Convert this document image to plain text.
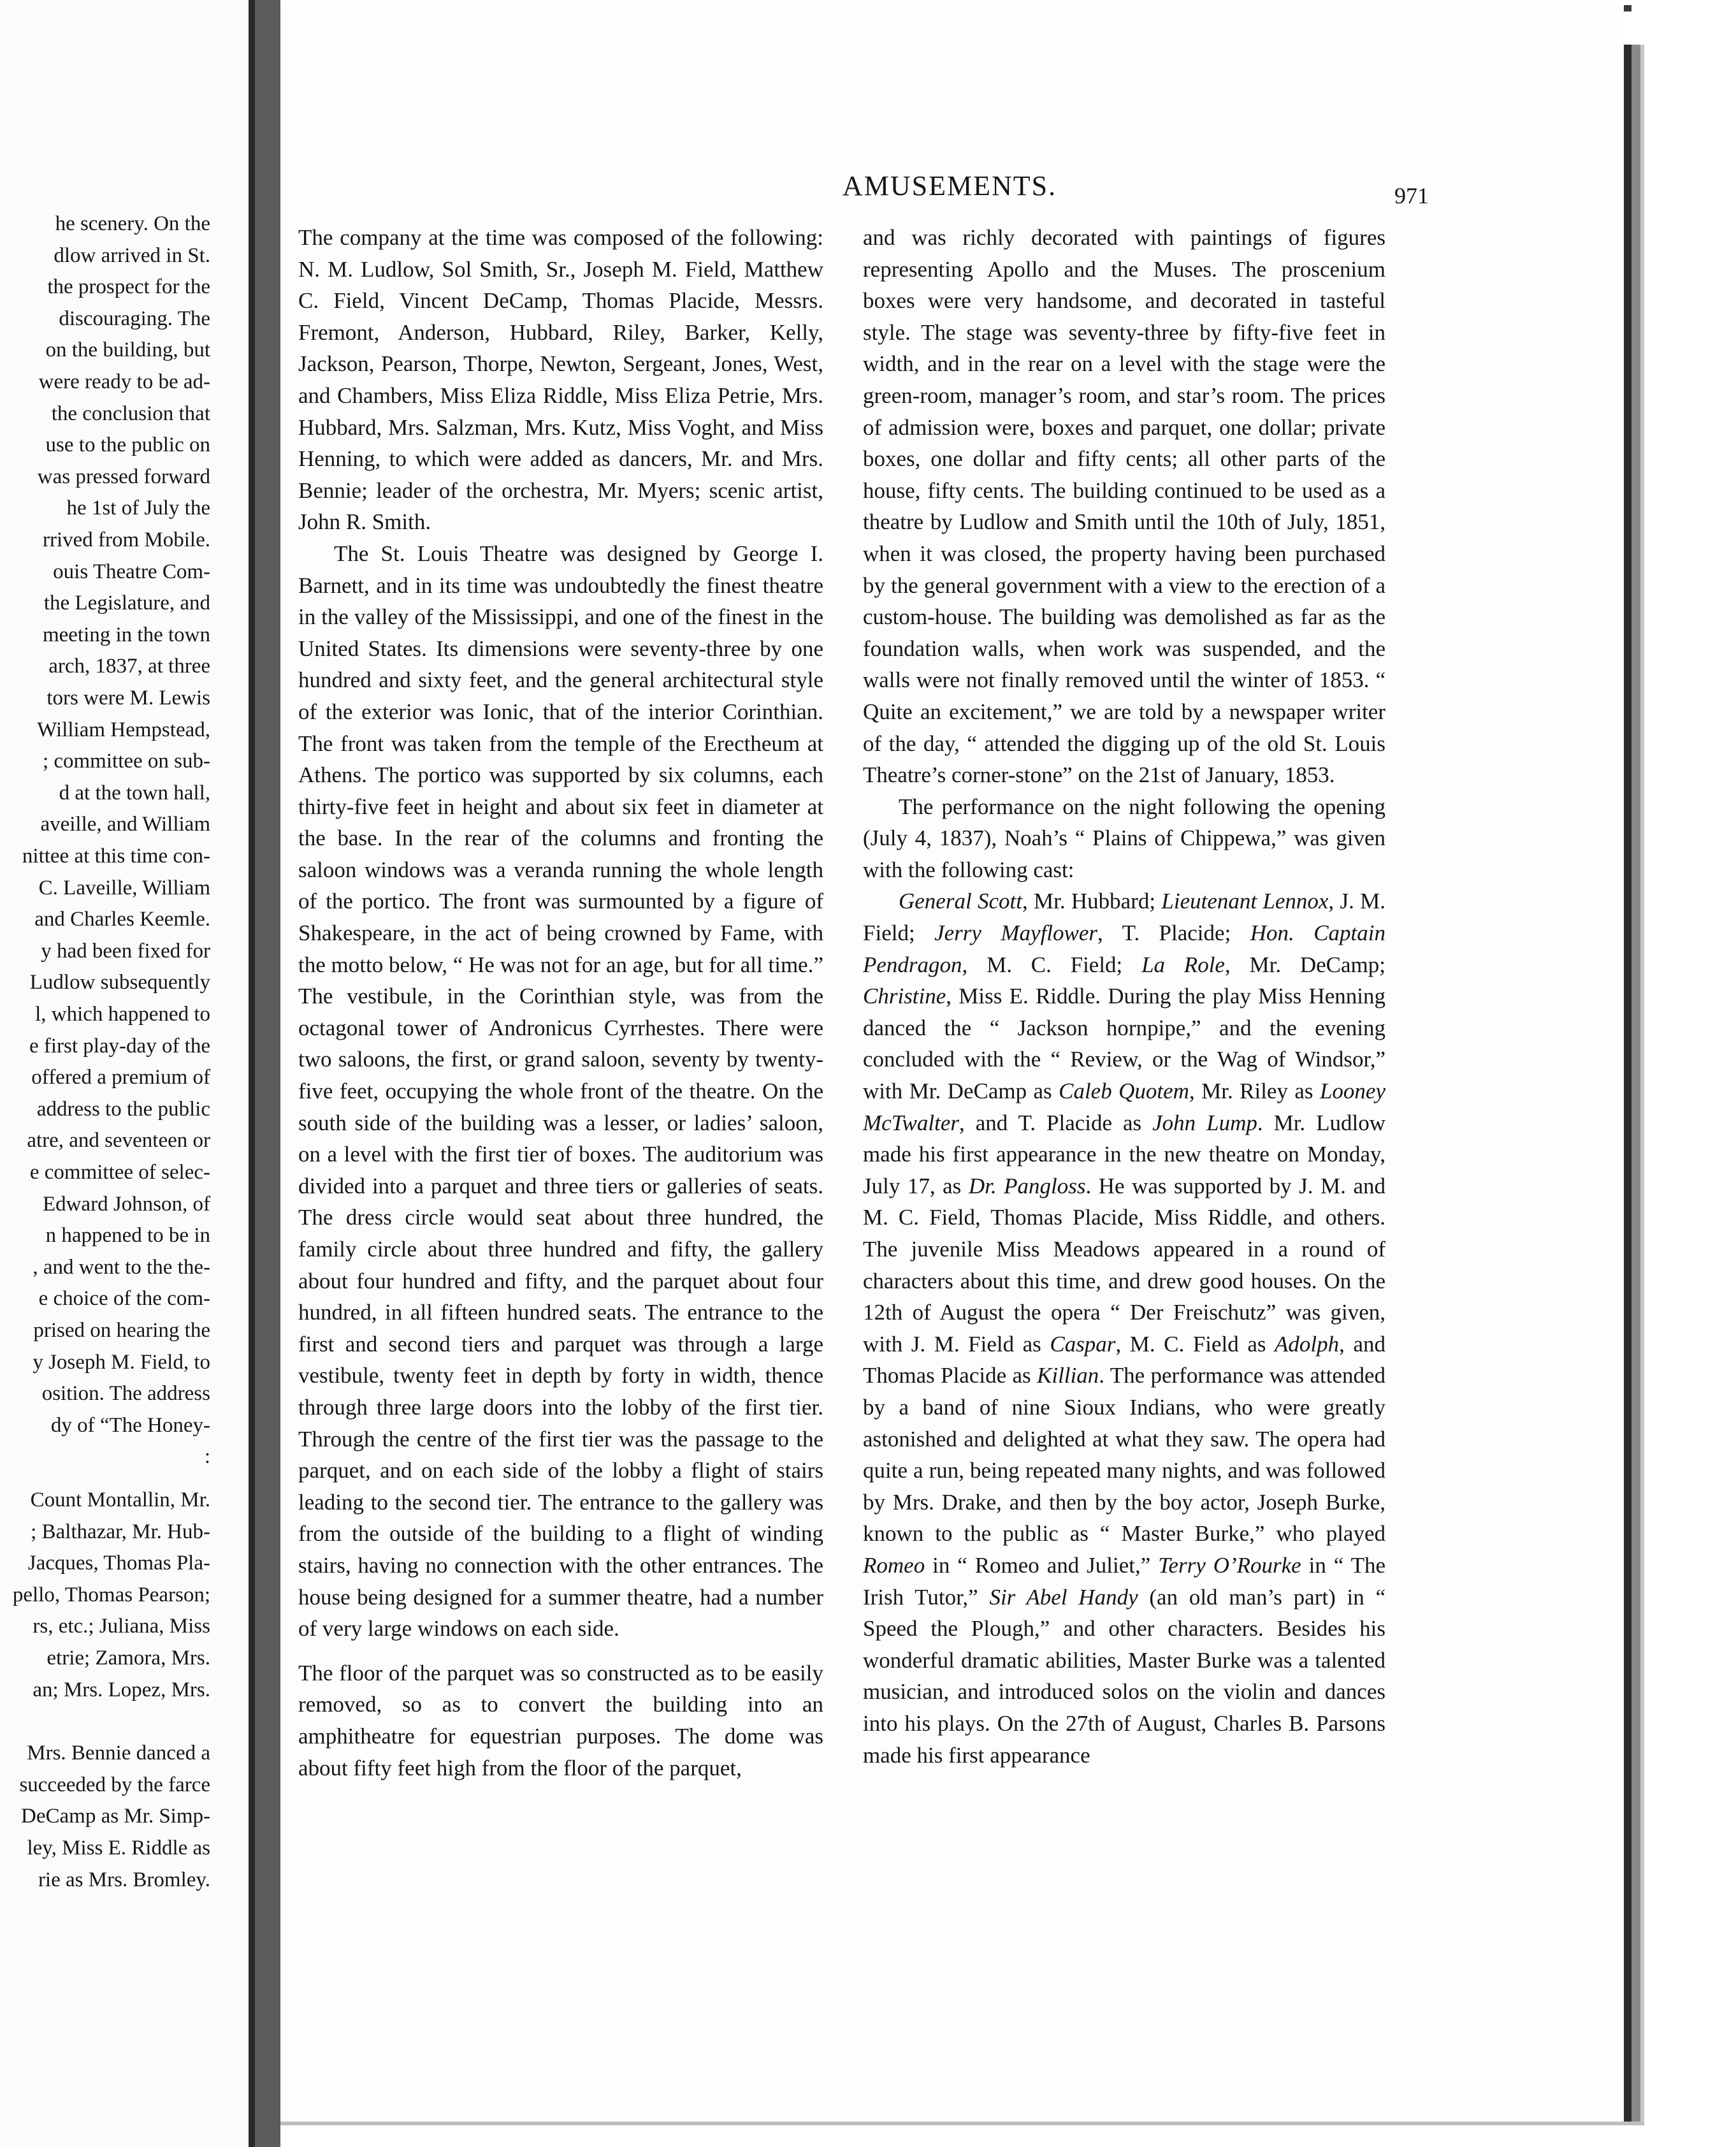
he scenery. On the
dlow arrived in St.
the prospect for the
discouraging. The
on the building, but
were ready to be ad-
the conclusion that
use to the public on
was pressed forward
he 1st of July the
rrived from Mobile.
ouis Theatre Com-
the Legislature, and
meeting in the town
arch, 1837, at three
tors were M. Lewis
William Hempstead,
; committee on sub-
d at the town hall,
aveille, and William
nittee at this time con-
C. Laveille, William
and Charles Keemle.
y had been fixed for
Ludlow subsequently
l, which happened to
e first play-day of the
offered a premium of
address to the public
atre, and seventeen or
e committee of selec-
Edward Johnson, of
n happened to be in
, and went to the the-
e choice of the com-
prised on hearing the
y Joseph M. Field, to
osition. The address
dy of “The Honey-
:
Count Montallin, Mr.
; Balthazar, Mr. Hub-
Jacques, Thomas Pla-
pello, Thomas Pearson;
rs, etc.; Juliana, Miss
etrie; Zamora, Mrs.
an; Mrs. Lopez, Mrs.
Mrs. Bennie danced a
succeeded by the farce
DeCamp as Mr. Simp-
ley, Miss E. Riddle as
rie as Mrs. Bromley.
AMUSEMENTS.	971

The company at the time was composed of the following: N. M. Ludlow, Sol Smith, Sr., Joseph M. Field, Matthew C. Field, Vincent DeCamp, Thomas Placide, Messrs. Fremont, Anderson, Hubbard, Riley, Barker, Kelly, Jackson, Pearson, Thorpe, Newton, Sergeant, Jones, West, and Chambers, Miss Eliza Riddle, Miss Eliza Petrie, Mrs. Hubbard, Mrs. Salzman, Mrs. Kutz, Miss Voght, and Miss Henning, to which were added as dancers, Mr. and Mrs. Bennie; leader of the orchestra, Mr. Myers; scenic artist, John R. Smith.

The St. Louis Theatre was designed by George I. Barnett, and in its time was undoubtedly the finest theatre in the valley of the Mississippi, and one of the finest in the United States. Its dimensions were seventy-three by one hundred and sixty feet, and the general architectural style of the exterior was Ionic, that of the interior Corinthian. The front was taken from the temple of the Erectheum at Athens. The portico was supported by six columns, each thirty-five feet in height and about six feet in diameter at the base. In the rear of the columns and fronting the saloon windows was a veranda running the whole length of the portico. The front was surmounted by a figure of Shakespeare, in the act of being crowned by Fame, with the motto below, “ He was not for an age, but for all time.” The vestibule, in the Corinthian style, was from the octagonal tower of Andronicus Cyrrhestes. There were two saloons, the first, or grand saloon, seventy by twenty-five feet, occupying the whole front of the theatre. On the south side of the building was a lesser, or ladies’ saloon, on a level with the first tier of boxes. The auditorium was divided into a parquet and three tiers or galleries of seats. The dress circle would seat about three hundred, the family circle about three hundred and fifty, the gallery about four hundred and fifty, and the parquet about four hundred, in all fifteen hundred seats. The entrance to the first and second tiers and parquet was through a large vestibule, twenty feet in depth by forty in width, thence through three large doors into the lobby of the first tier. Through the centre of the first tier was the passage to the parquet, and on each side of the lobby a flight of stairs leading to the second tier. The entrance to the gallery was from the outside of the building to a flight of winding stairs, having no connection with the other entrances. The house being designed for a summer theatre, had a number of very large windows on each side.

The floor of the parquet was so constructed as to be easily removed, so as to convert the building into an amphitheatre for equestrian purposes. The dome was about fifty feet high from the floor of the parquet,

and was richly decorated with paintings of figures representing Apollo and the Muses. The proscenium boxes were very handsome, and decorated in tasteful style. The stage was seventy-three by fifty-five feet in width, and in the rear on a level with the stage were the green-room, manager’s room, and star’s room. The prices of admission were, boxes and parquet, one dollar; private boxes, one dollar and fifty cents; all other parts of the house, fifty cents. The building continued to be used as a theatre by Ludlow and Smith until the 10th of July, 1851, when it was closed, the property having been purchased by the general government with a view to the erection of a custom-house. The building was demolished as far as the foundation walls, when work was suspended, and the walls were not finally removed until the winter of 1853. “ Quite an excitement,” we are told by a newspaper writer of the day, “ attended the digging up of the old St. Louis Theatre’s corner-stone” on the 21st of January, 1853.

The performance on the night following the opening (July 4, 1837), Noah’s “ Plains of Chippewa,” was given with the following cast:

General Scott, Mr. Hubbard; Lieutenant Lennox, J. M. Field; Jerry Mayflower, T. Placide; Hon. Captain Pendragon, M. C. Field; La Role, Mr. DeCamp; Christine, Miss E. Riddle. During the play Miss Henning danced the “ Jackson hornpipe,” and the evening concluded with the “ Review, or the Wag of Windsor,” with Mr. DeCamp as Caleb Quotem, Mr. Riley as Looney McTwalter, and T. Placide as John Lump. Mr. Ludlow made his first appearance in the new theatre on Monday, July 17, as Dr. Pangloss. He was supported by J. M. and M. C. Field, Thomas Placide, Miss Riddle, and others. The juvenile Miss Meadows appeared in a round of characters about this time, and drew good houses. On the 12th of August the opera “ Der Freischutz” was given, with J. M. Field as Caspar, M. C. Field as Adolph, and Thomas Placide as Killian. The performance was attended by a band of nine Sioux Indians, who were greatly astonished and delighted at what they saw. The opera had quite a run, being repeated many nights, and was followed by Mrs. Drake, and then by the boy actor, Joseph Burke, known to the public as “ Master Burke,” who played Romeo in “ Romeo and Juliet,” Terry O’Rourke in “ The Irish Tutor,” Sir Abel Handy (an old man’s part) in “ Speed the Plough,” and other characters. Besides his wonderful dramatic abilities, Master Burke was a talented musician, and introduced solos on the violin and dances into his plays. On the 27th of August, Charles B. Parsons made his first appearance
